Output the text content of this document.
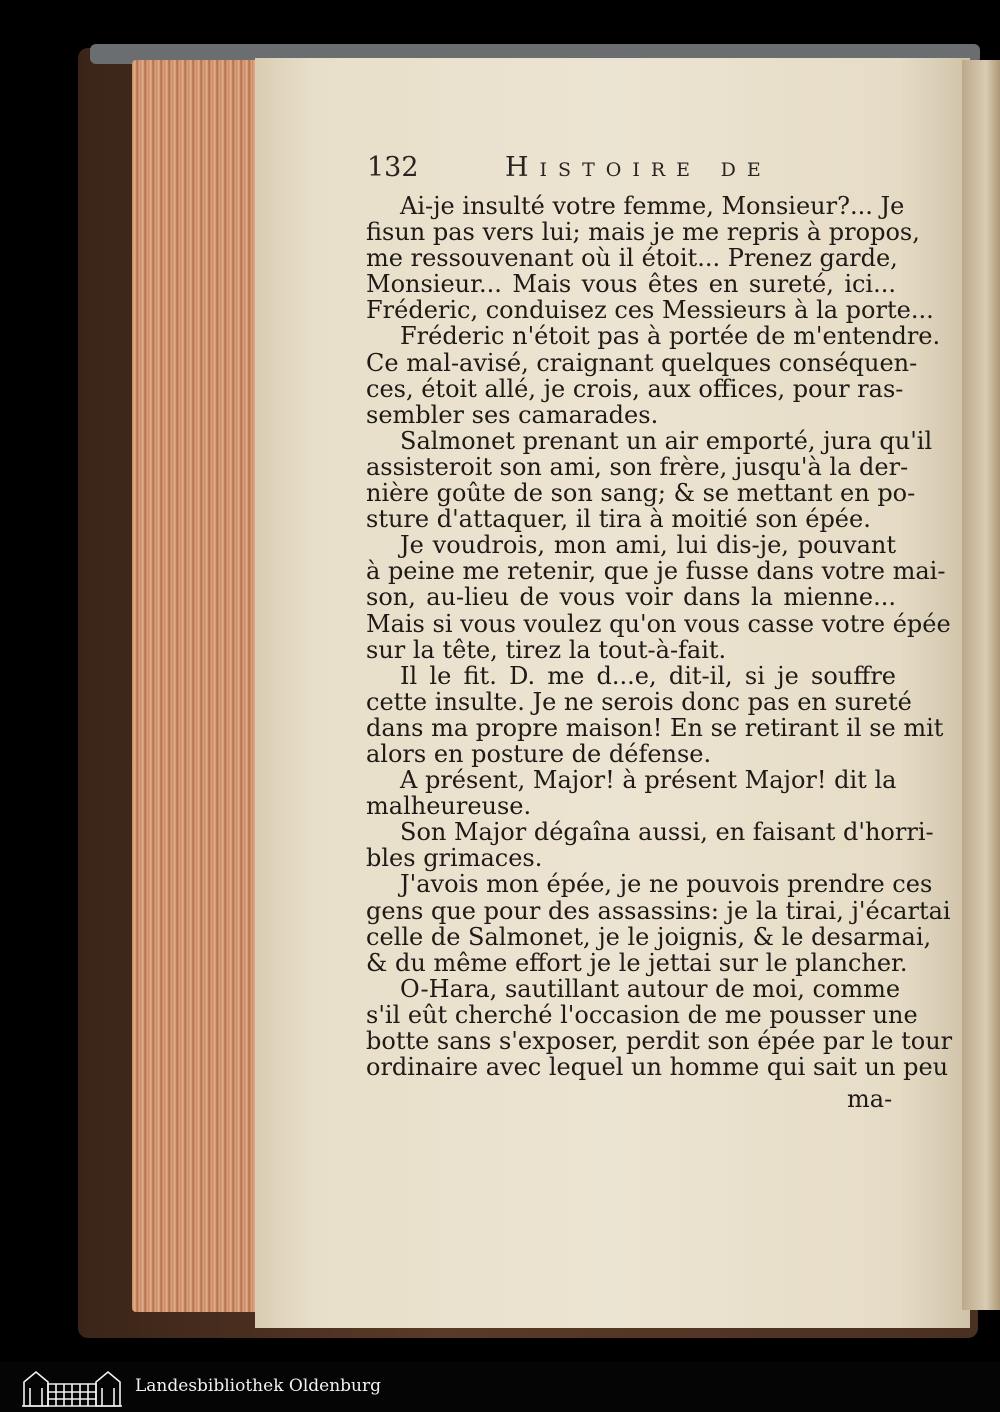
132	Histoire de
Ai-je insulté votre femme, Monsieur?... Je
fisun pas vers lui; mais je me repris à propos,
me ressouvenant où il étoit... Prenez garde,
Monsieur... Mais vous êtes en sureté, ici...
Fréderic, conduisez ces Messieurs à la porte...
Fréderic n'étoit pas à portée de m'entendre.
Ce mal-avisé, craignant quelques conséquen-
ces, étoit allé, je crois, aux offices, pour ras-
sembler ses camarades.
Salmonet prenant un air emporté, jura qu'il
assisteroit son ami, son frère, jusqu'à la der-
nière goûte de son sang; & se mettant en po-
sture d'attaquer, il tira à moitié son épée.
Je voudrois, mon ami, lui dis-je, pouvant
à peine me retenir, que je fusse dans votre mai-
son, au-lieu de vous voir dans la mienne...
Mais si vous voulez qu'on vous casse votre épée
sur la tête, tirez la tout-à-fait.
Il le fit. D. me d...e, dit-il, si je souffre
cette insulte. Je ne serois donc pas en sureté
dans ma propre maison! En se retirant il se mit
alors en posture de défense.
A présent, Major! à présent Major! dit la
malheureuse.
Son Major dégaîna aussi, en faisant d'horri-
bles grimaces.
J'avois mon épée, je ne pouvois prendre ces
gens que pour des assassins: je la tirai, j'écartai
celle de Salmonet, je le joignis, & le desarmai,
& du même effort je le jettai sur le plancher.
O-Hara, sautillant autour de moi, comme
s'il eût cherché l'occasion de me pousser une
botte sans s'exposer, perdit son épée par le tour
ordinaire avec lequel un homme qui sait un peu
ma-
Landesbibliothek Oldenburg
